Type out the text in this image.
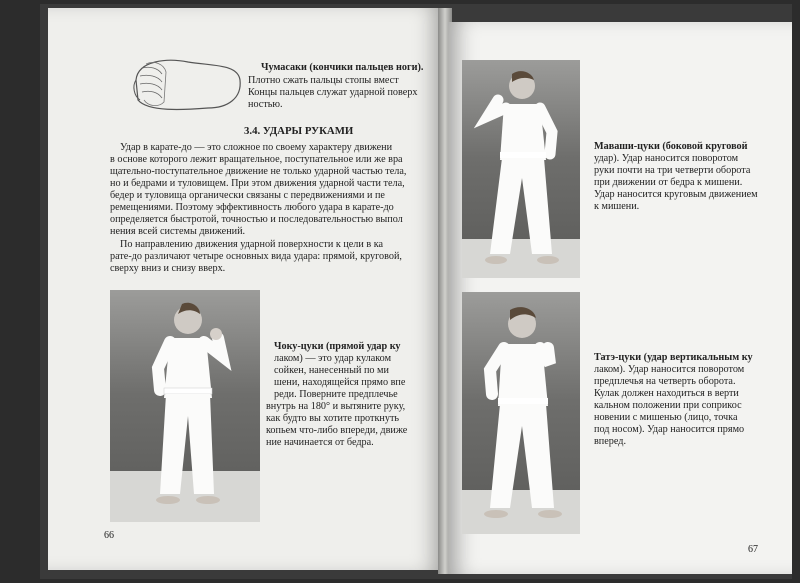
Чумасаки (кончики пальцев ноги).
Плотно сжать пальцы стопы вмест
Концы пальцев служат ударной поверх
ностью.
3.4. УДАРЫ РУКАМИ
Удар в карате-до — это сложное по своему характеру движени
в основе которого лежит вращательное, поступательное или же вра
щательно-поступательное движение не только ударной частью тела,
но и бедрами и туловищем. При этом движения ударной части тела,
бедер и туловища органически связаны с передвижениями и пе
ремещениями. Поэтому эффективность любого удара в карате-до
определяется быстротой, точностью и последовательностью выпол
нения всей системы движений.
По направлению движения ударной поверхности к цели в ка
рате-до различают четыре основных вида удара: прямой, круговой,
сверху вниз и снизу вверх.
Чоку-цуки (прямой удар ку
лаком) — это удар кулаком
сойкен, нанесенный по ми
шени, находящейся прямо впе
реди. Поверните предплечье
внутрь на 180° и вытяните руку,
как будто вы хотите проткнуть
копьем что-либо впереди, движе
ние начинается от бедра.
66
Маваши-цуки (боковой круговой
удар). Удар наносится поворотом
руки почти на три четверти оборота
при движении от бедра к мишени.
Удар наносится круговым движением
к мишени.
Татэ-цуки (удар вертикальным ку
лаком). Удар наносится поворотом
предплечья на четверть оборота.
Кулак должен находиться в верти
кальном положении при соприкос
новении с мишенью (лицо, точка
под носом). Удар наносится прямо
вперед.
67
